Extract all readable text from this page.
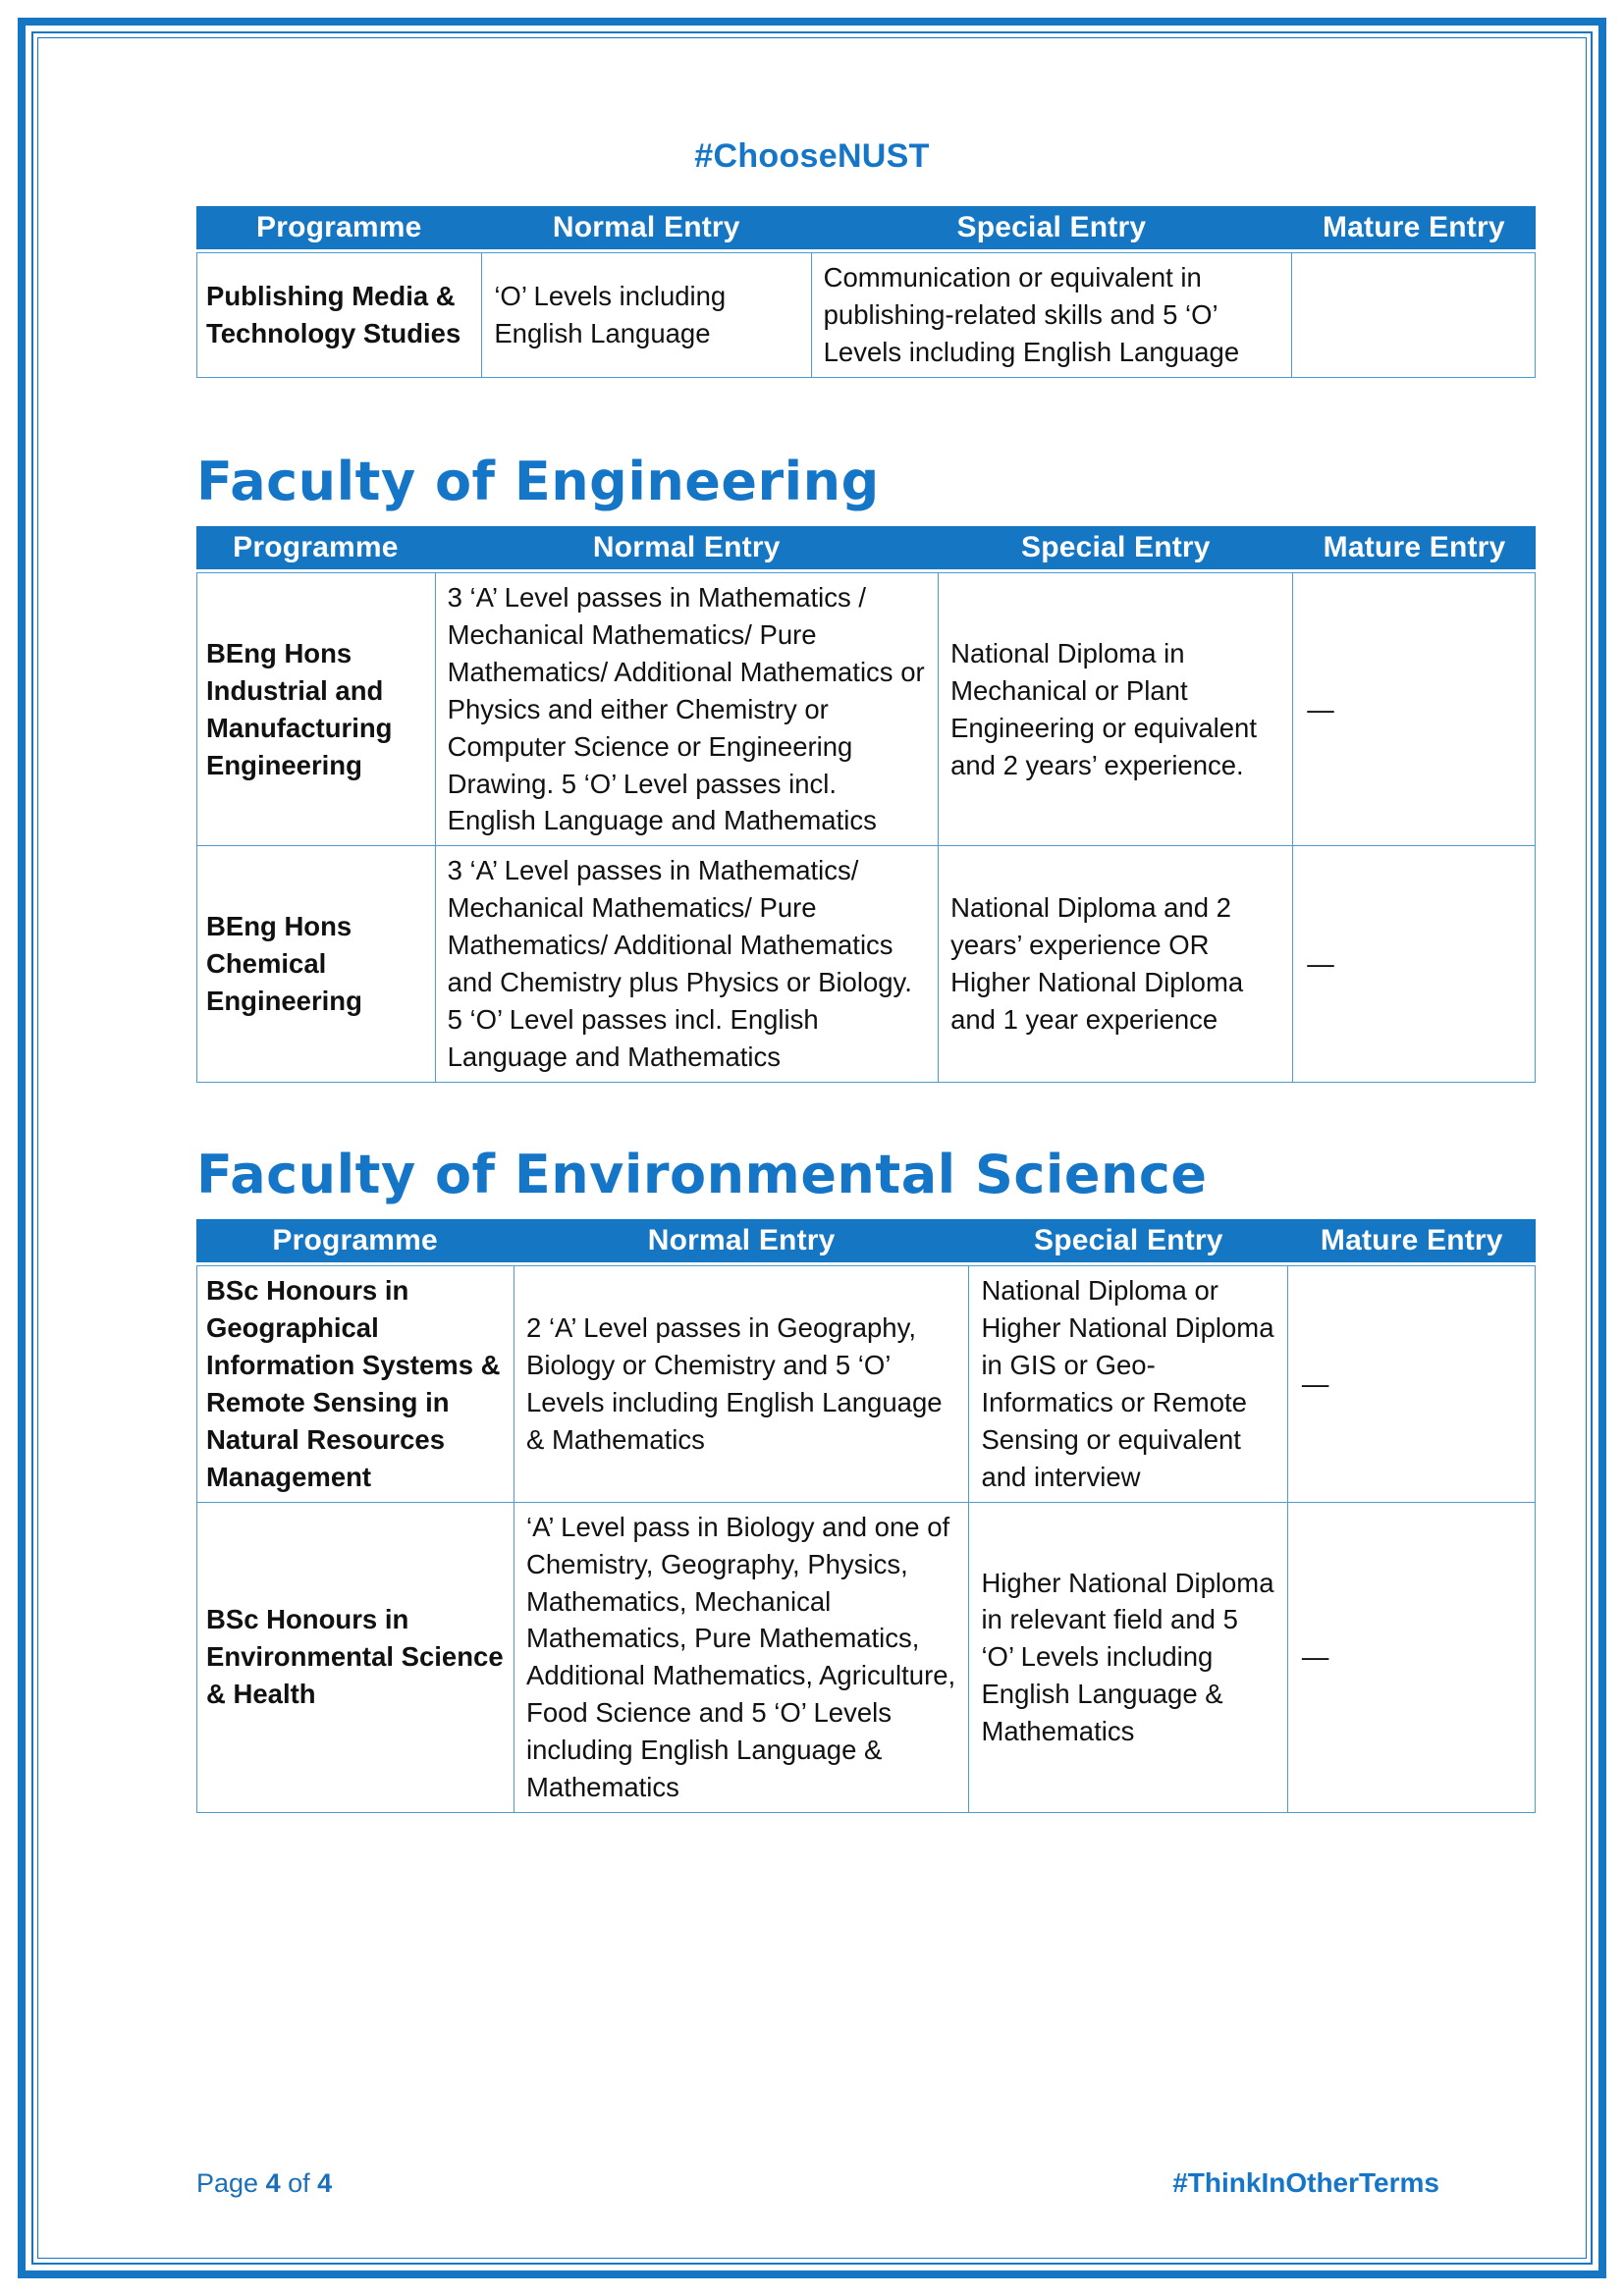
#ChooseNUST
Programme	Normal Entry	Special Entry	Mature Entry
Publishing Media & Technology Studies	‘O’ Levels including English Language	Communication or equivalent in publishing-related skills and 5 ‘O’ Levels including English Language	
Faculty of Engineering
Programme	Normal Entry	Special Entry	Mature Entry
BEng Hons Industrial and Manufacturing Engineering	3 ‘A’ Level passes in Mathematics / Mechanical Mathematics/ Pure Mathematics/ Additional Mathematics or Physics and either Chemistry or Computer Science or Engineering Drawing. 5 ‘O’ Level passes incl. English Language and Mathematics	National Diploma in Mechanical or Plant Engineering or equivalent and 2 years’ experience.	—
BEng Hons Chemical Engineering	3 ‘A’ Level passes in Mathematics/ Mechanical Mathematics/ Pure Mathematics/ Additional Mathematics and Chemistry plus Physics or Biology. 5 ‘O’ Level passes incl. English Language and Mathematics	National Diploma and 2 years’ experience OR Higher National Diploma and 1 year experience	—
Faculty of Environmental Science
Programme	Normal Entry	Special Entry	Mature Entry
BSc Honours in Geographical Information Systems & Remote Sensing in Natural Resources Management	2 ‘A’ Level passes in Geography, Biology or Chemistry and 5 ‘O’ Levels including English Language & Mathematics	National Diploma or Higher National Diploma in GIS or Geo-Informatics or Remote Sensing or equivalent and interview	—
BSc Honours in Environmental Science & Health	‘A’ Level pass in Biology and one of Chemistry, Geography, Physics, Mathematics, Mechanical Mathematics, Pure Mathematics, Additional Mathematics, Agriculture, Food Science and 5 ‘O’ Levels including English Language & Mathematics	Higher National Diploma in relevant field and 5 ‘O’ Levels including English Language & Mathematics	—
Page 4 of 4	#ThinkInOtherTerms
